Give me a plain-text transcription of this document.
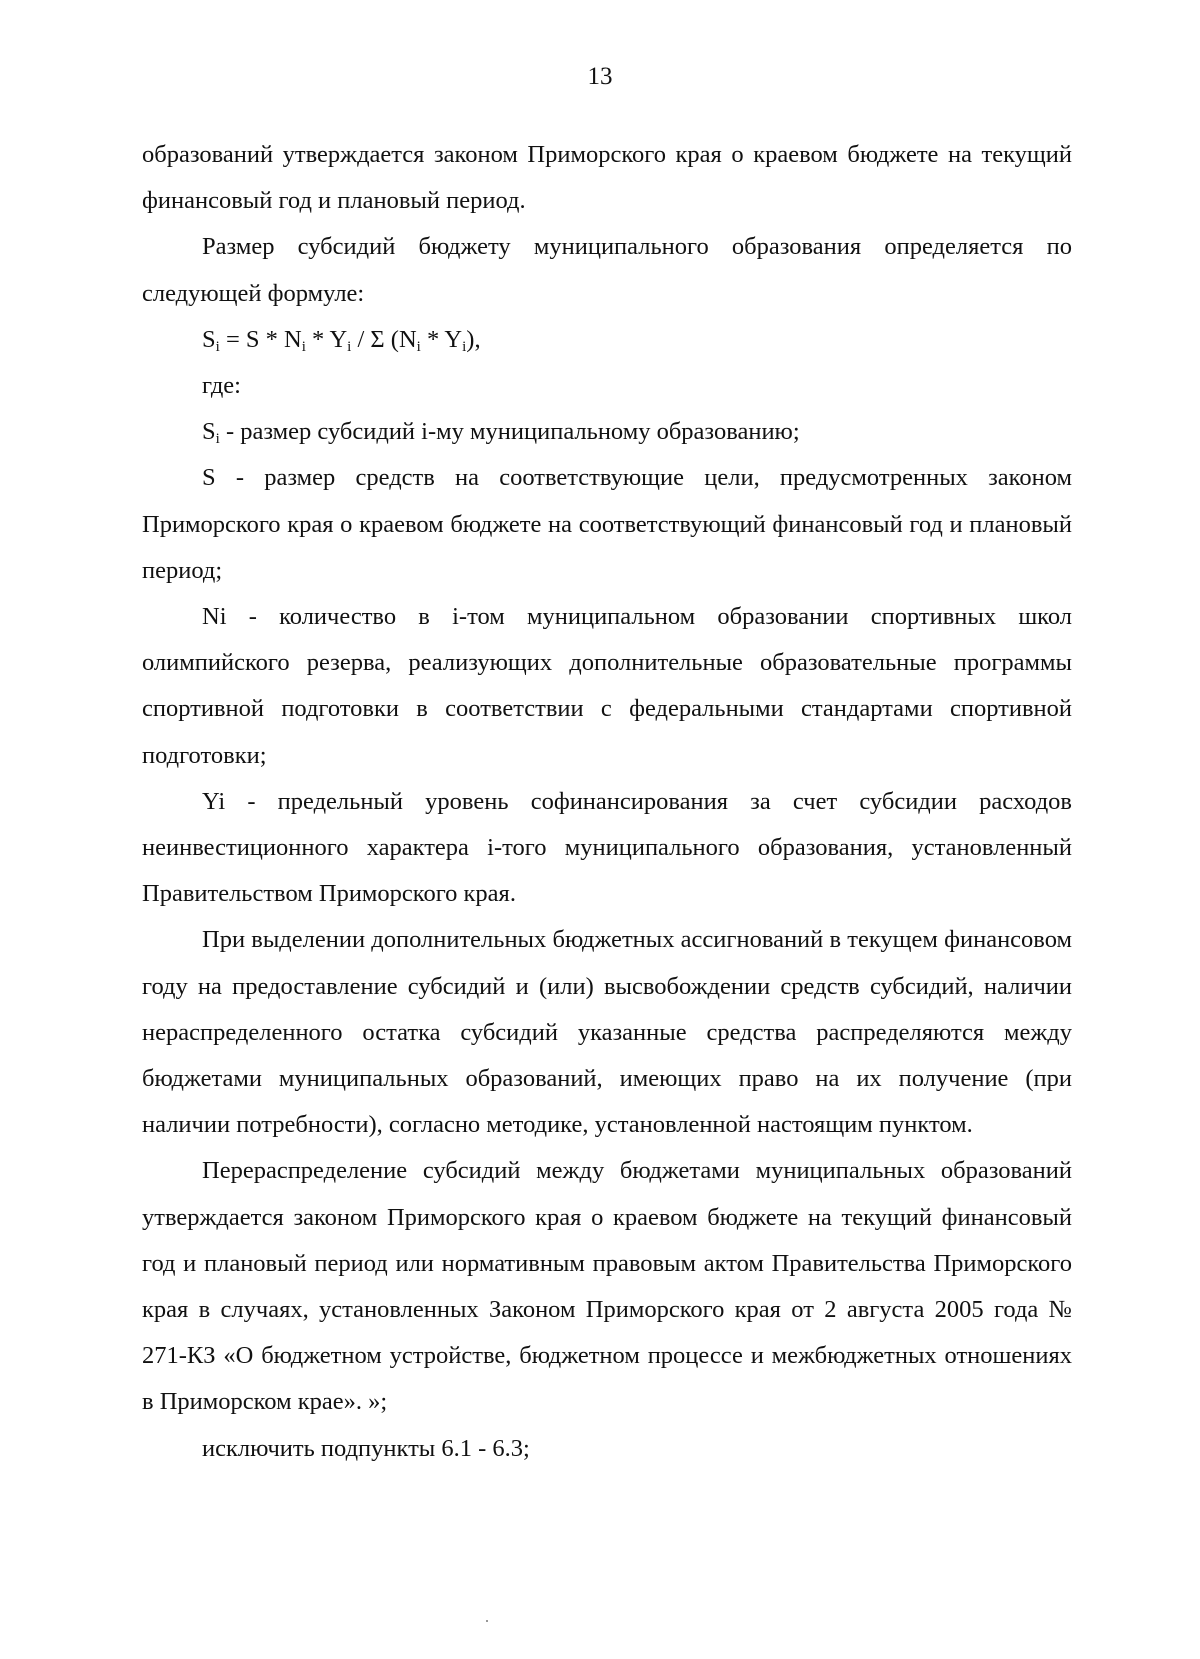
13

образований утверждается законом Приморского края о краевом бюджете на текущий финансовый год и плановый период.

Размер субсидий бюджету муниципального образования определяется по следующей формуле:

$S_i = S * N_i * Y_i / \Sigma$ $(N_i * Y_i)$,

где:

$S_i$ - размер субсидий i-му муниципальному образованию;

S - размер средств на соответствующие цели, предусмотренных законом Приморского края о краевом бюджете на соответствующий финансовый год и плановый период;

Ni - количество в i-том муниципальном образовании спортивных школ олимпийского резерва, реализующих дополнительные образовательные программы спортивной подготовки в соответствии с федеральными стандартами спортивной подготовки;

Yi - предельный уровень софинансирования за счет субсидии расходов неинвестиционного характера i-того муниципального образования, установленный Правительством Приморского края.

При выделении дополнительных бюджетных ассигнований в текущем финансовом году на предоставление субсидий и (или) высвобождении средств субсидий, наличии нераспределенного остатка субсидий указанные средства распределяются между бюджетами муниципальных образований, имеющих право на их получение (при наличии потребности), согласно методике, установленной настоящим пунктом.

Перераспределение субсидий между бюджетами муниципальных образований утверждается законом Приморского края о краевом бюджете на текущий финансовый год и плановый период или нормативным правовым актом Правительства Приморского края в случаях, установленных Законом Приморского края от 2 августа 2005 года № 271-КЗ «О бюджетном устройстве, бюджетном процессе и межбюджетных отношениях в Приморском крае». »;

исключить подпункты 6.1 - 6.3;
